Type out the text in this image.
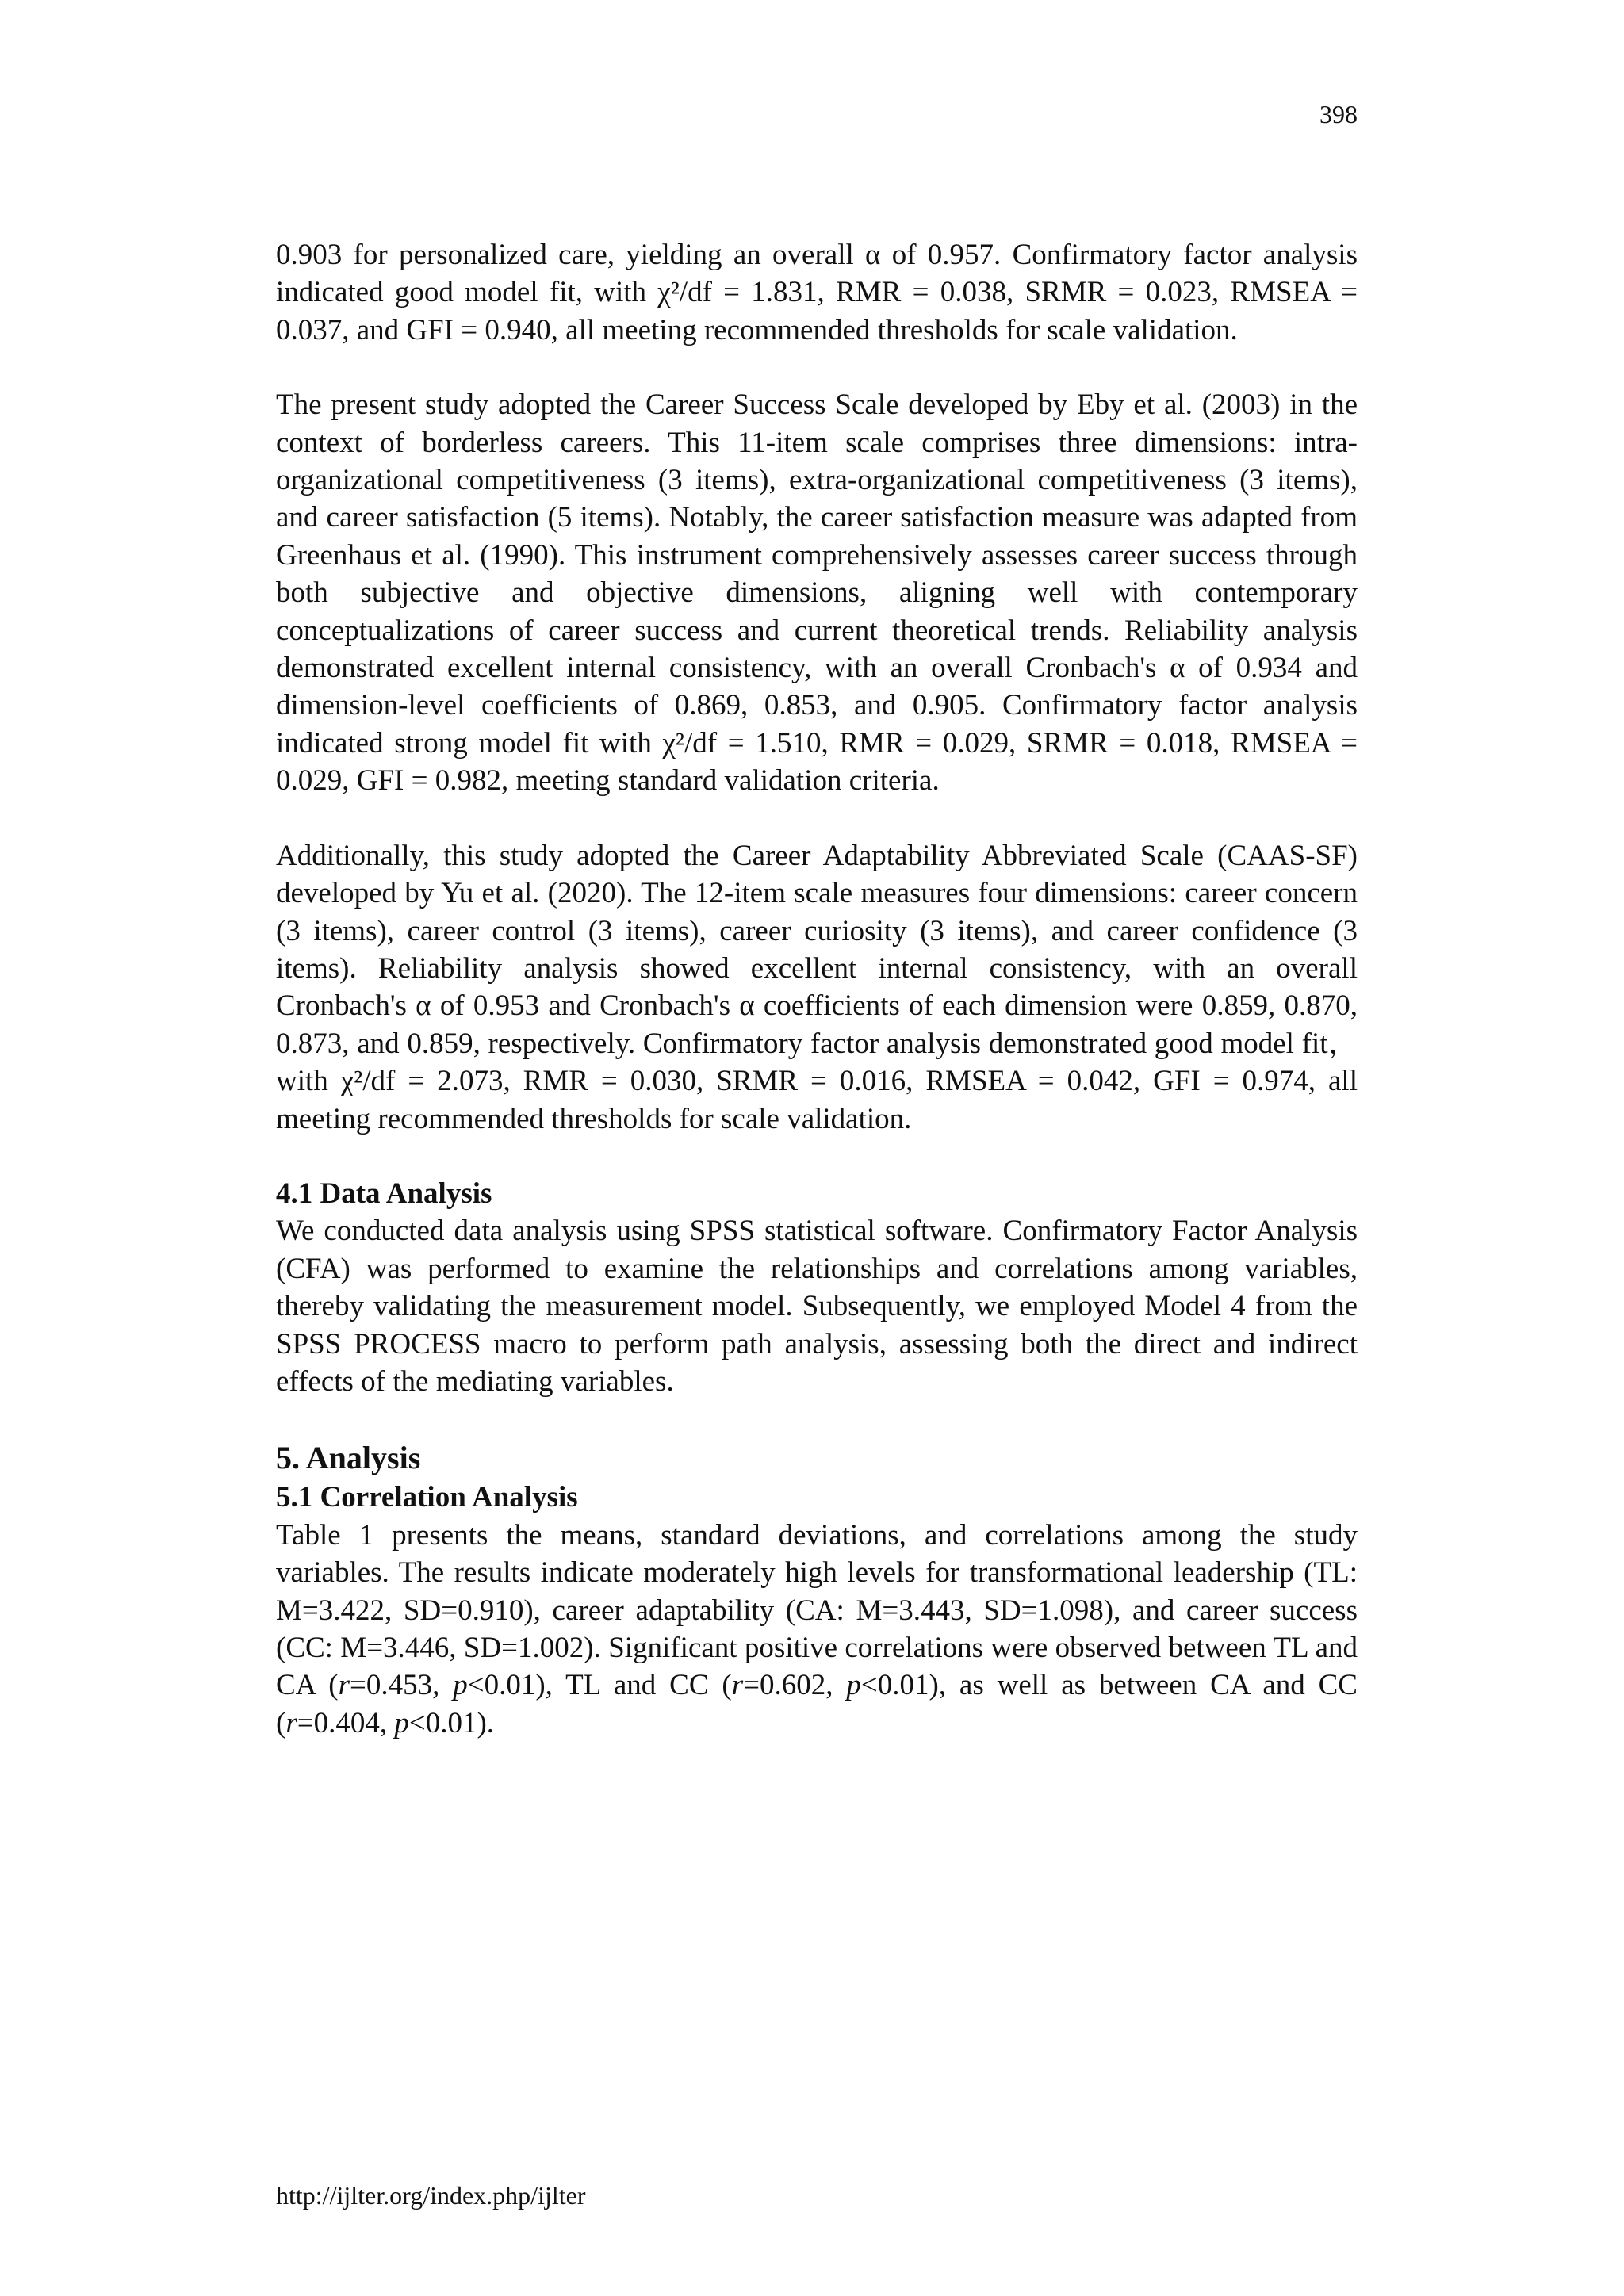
398

0.903 for personalized care, yielding an overall α of 0.957. Confirmatory factor analysis indicated good model fit, with χ²/df = 1.831, RMR = 0.038, SRMR = 0.023, RMSEA = 0.037, and GFI = 0.940, all meeting recommended thresholds for scale validation.

The present study adopted the Career Success Scale developed by Eby et al. (2003) in the context of borderless careers. This 11-item scale comprises three dimensions: intra-organizational competitiveness (3 items), extra-organizational competitiveness (3 items), and career satisfaction (5 items). Notably, the career satisfaction measure was adapted from Greenhaus et al. (1990). This instrument comprehensively assesses career success through both subjective and objective dimensions, aligning well with contemporary conceptualizations of career success and current theoretical trends. Reliability analysis demonstrated excellent internal consistency, with an overall Cronbach's α of 0.934 and dimension-level coefficients of 0.869, 0.853, and 0.905. Confirmatory factor analysis indicated strong model fit with χ²/df = 1.510, RMR = 0.029, SRMR = 0.018, RMSEA = 0.029, GFI = 0.982, meeting standard validation criteria.

Additionally, this study adopted the Career Adaptability Abbreviated Scale (CAAS-SF) developed by Yu et al. (2020). The 12-item scale measures four dimensions: career concern (3 items), career control (3 items), career curiosity (3 items), and career confidence (3 items). Reliability analysis showed excellent internal consistency, with an overall Cronbach's α of 0.953 and Cronbach's α coefficients of each dimension were 0.859, 0.870, 0.873, and 0.859, respectively. Confirmatory factor analysis demonstrated good model fit， with χ²/df = 2.073, RMR = 0.030, SRMR = 0.016, RMSEA = 0.042, GFI = 0.974, all meeting recommended thresholds for scale validation.

4.1 Data Analysis

We conducted data analysis using SPSS statistical software. Confirmatory Factor Analysis (CFA) was performed to examine the relationships and correlations among variables, thereby validating the measurement model. Subsequently, we employed Model 4 from the SPSS PROCESS macro to perform path analysis, assessing both the direct and indirect effects of the mediating variables.

5. Analysis
5.1 Correlation Analysis

Table 1 presents the means, standard deviations, and correlations among the study variables. The results indicate moderately high levels for transformational leadership (TL: M=3.422, SD=0.910), career adaptability (CA: M=3.443, SD=1.098), and career success (CC: M=3.446, SD=1.002). Significant positive correlations were observed between TL and CA (r=0.453, p<0.01), TL and CC (r=0.602, p<0.01), as well as between CA and CC (r=0.404, p<0.01).

http://ijlter.org/index.php/ijlter
